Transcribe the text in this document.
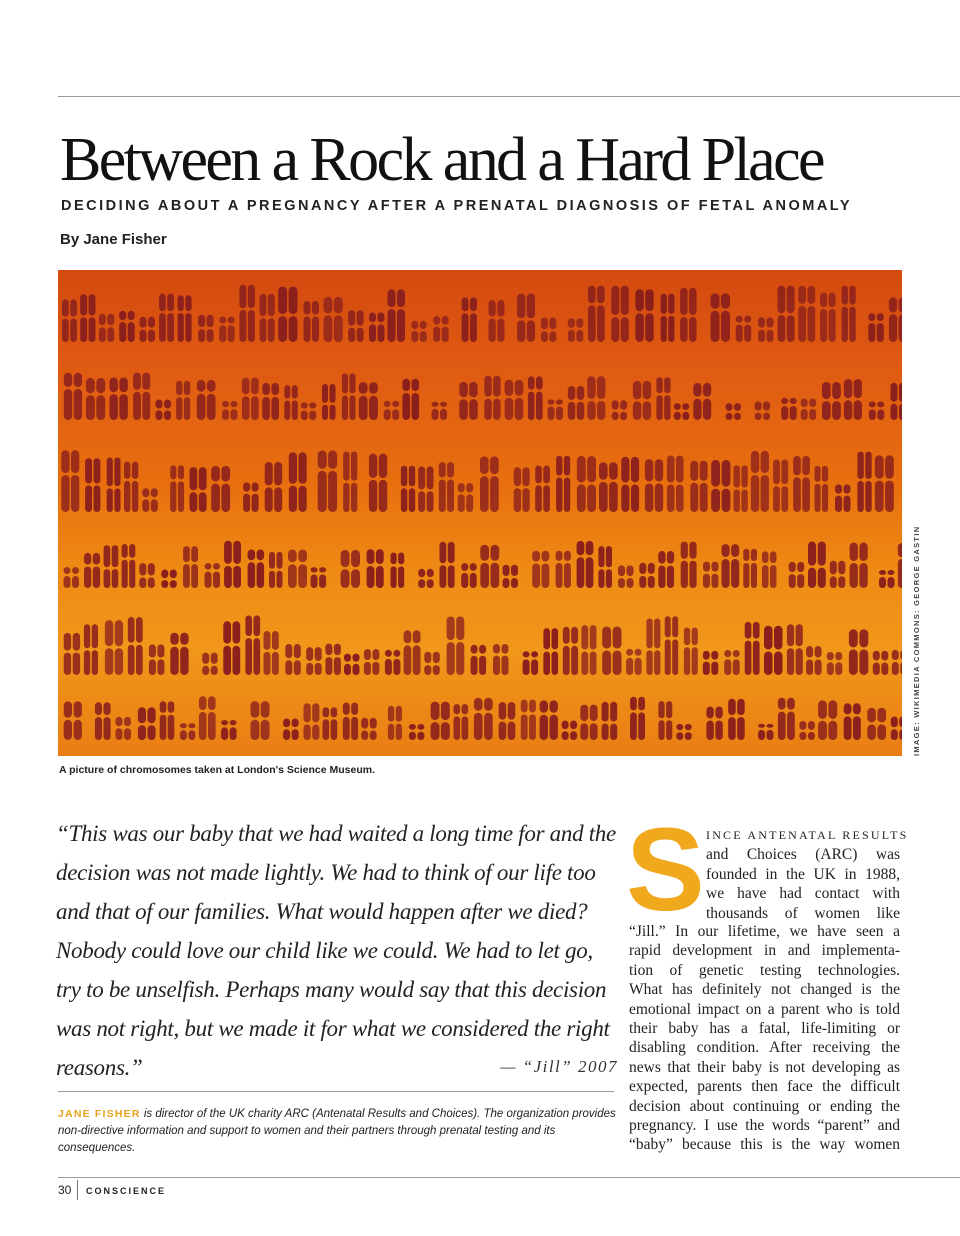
Between a Rock and a Hard Place
DECIDING ABOUT A PREGNANCY AFTER A PRENATAL DIAGNOSIS OF FETAL ANOMALY
By Jane Fisher
IMAGE: WIKIMEDIA COMMONS: GEORGE GASTIN
A picture of chromosomes taken at London's Science Museum.

“This was our baby that we had waited a long time for and the decision was not made lightly. We had to think of our life too and that of our families. What would happen after we died? Nobody could love our child like we could. We had to let go, try to be unselfish. Perhaps many would say that this decision was not right, but we made it for what we considered the right reasons.”	— “Jill” 2007

JANE FISHER is director of the UK charity ARC (Antenatal Results and Choices). The organization provides non-directive information and support to women and their partners through prenatal testing and its consequences.

S INCE ANTENATAL RESULTS
and Choices (ARC) was
founded in the UK in 1988,
we have had contact with
thousands of women like
“Jill.” In our lifetime, we have seen a
rapid development in and implementa-
tion of genetic testing technologies.
What has definitely not changed is the
emotional impact on a parent who is told
their baby has a fatal, life-limiting or
disabling condition. After receiving the
news that their baby is not developing as
expected, parents then face the difficult
decision about continuing or ending the
pregnancy. I use the words “parent” and
“baby” because this is the way women
30 CONSCIENCE
